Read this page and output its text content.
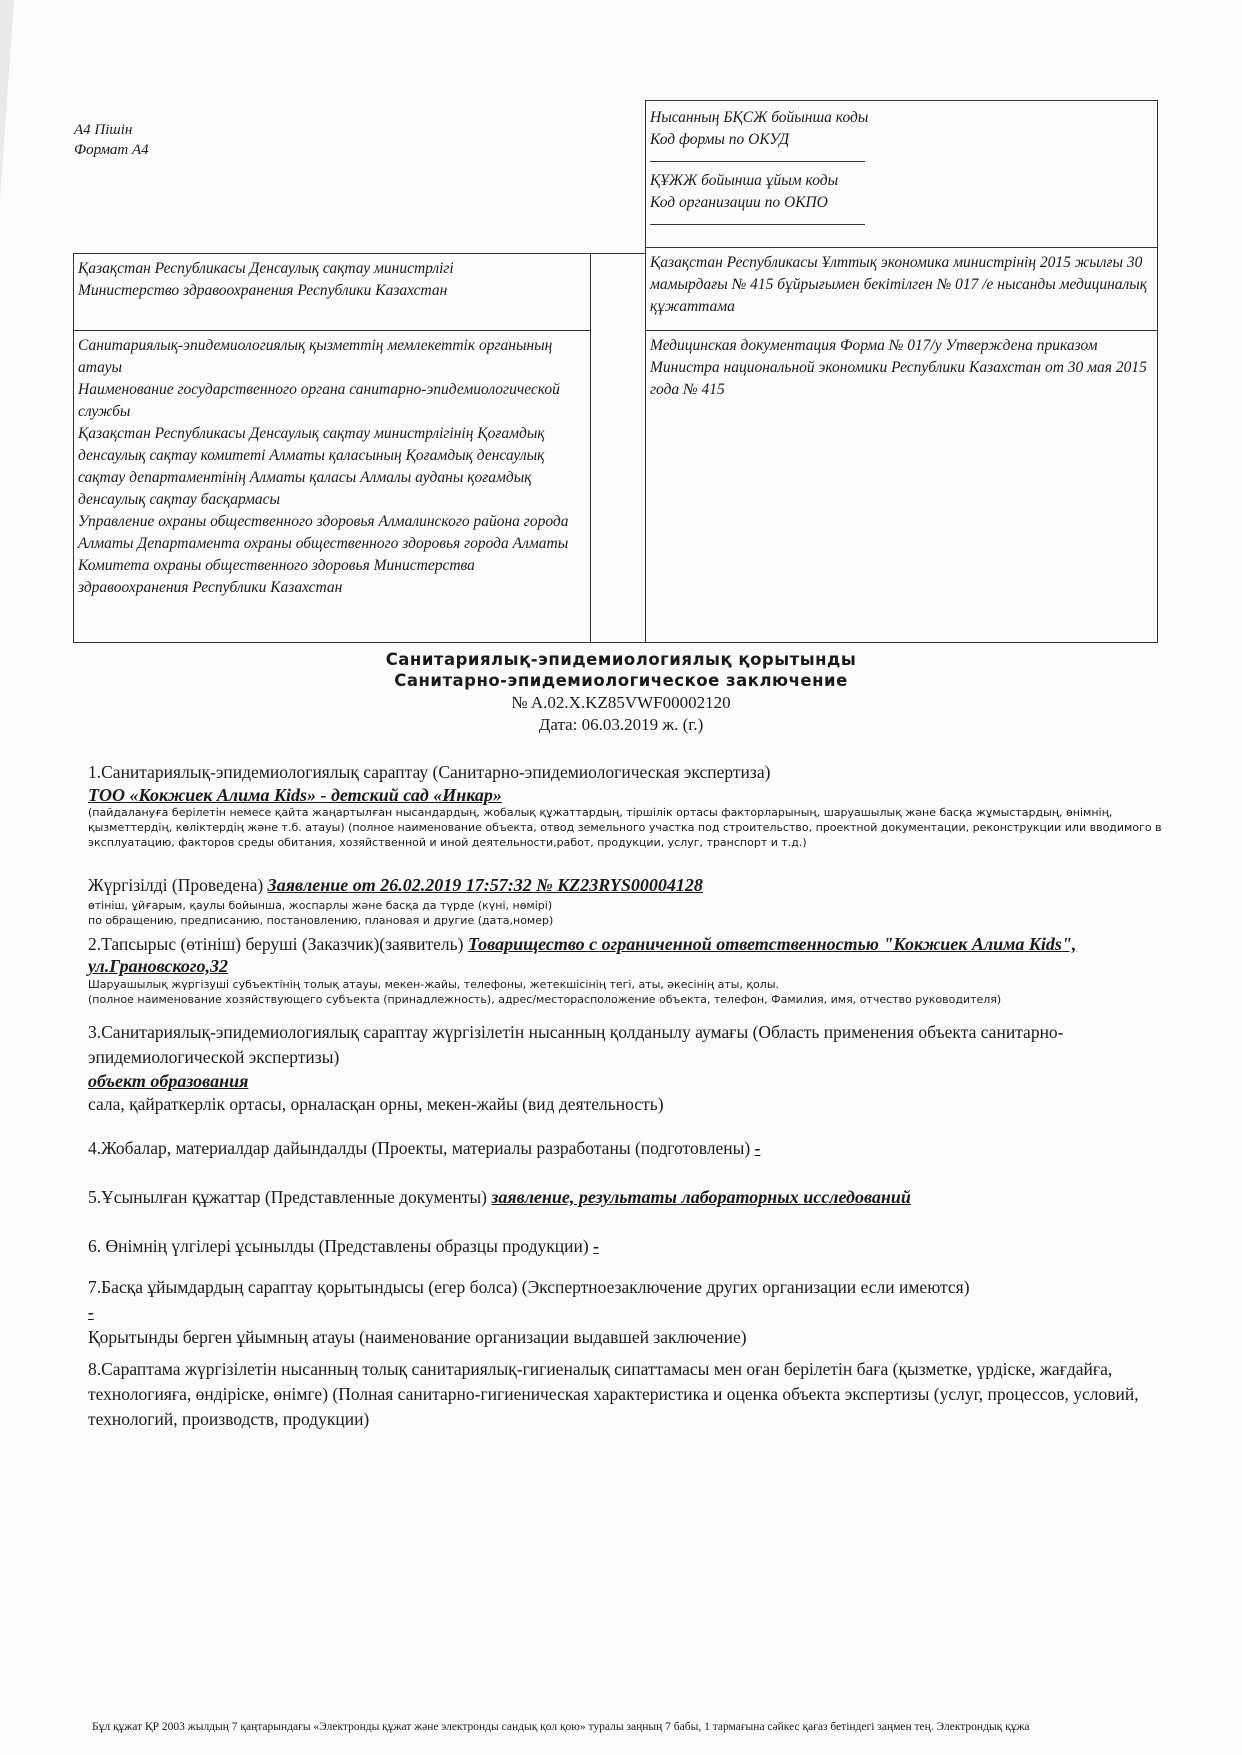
А4 Пішін
Формат А4
Нысанның БҚСЖ бойынша коды
Код формы по ОКУД
ҚҰЖЖ бойынша ұйым коды
Код организации по ОКПО
Қазақстан Республикасы Денсаулық сақтау министрлігі
Министерство здравоохранения Республики Казахстан
Қазақстан Республикасы Ұлттық экономика министрінің 2015 жылғы 30 мамырдағы № 415 бұйрығымен бекітілген № 017 /е нысанды медициналық құжаттама
Санитариялық-эпидемиологиялық қызметтің мемлекеттік органының атауы
Наименование государственного органа санитарно-эпидемиологической службы
Қазақстан Республикасы Денсаулық сақтау министрлігінің Қоғамдық денсаулық сақтау комитеті Алматы қаласының Қоғамдық денсаулық сақтау департаментінің Алматы қаласы Алмалы ауданы қоғамдық денсаулық сақтау басқармасы
Управление охраны общественного здоровья Алмалинского района города Алматы Департамента охраны общественного здоровья города Алматы Комитета охраны общественного здоровья Министерства здравоохранения Республики Казахстан
Медицинская документация Форма № 017/у Утверждена приказом Министра национальной экономики Республики Казахстан от 30 мая 2015 года № 415
Санитариялық-эпидемиологиялық қорытынды
Санитарно-эпидемиологическое заключение
№ A.02.X.KZ85VWF00002120
Дата: 06.03.2019 ж. (г.)
1.Санитариялық-эпидемиологиялық сараптау (Санитарно-эпидемиологическая экспертиза)
ТОО «Кокжиек Алима Kids» - детский сад «Инкар»
(пайдалануға берілетін немесе қайта жаңартылған нысандардың, жобалық құжаттардың, тіршілік ортасы факторларының, шаруашылық және басқа жұмыстардың, өнімнің, қызметтердің, көліктердің және т.б. атауы) (полное наименование объекта, отвод земельного участка под строительство, проектной документации, реконструкции или вводимого в эксплуатацию, факторов среды обитания, хозяйственной и иной деятельности,работ, продукции, услуг, транспорт и т.д.)
Жүргізілді (Проведена) Заявление от 26.02.2019 17:57:32 № KZ23RYS00004128
өтініш, ұйғарым, қаулы бойынша, жоспарлы және басқа да түрде (күні, нөмірі)
по обращению, предписанию, постановлению, плановая и другие (дата,номер)
2.Тапсырыс (өтініш) беруші (Заказчик)(заявитель) Товарищество с ограниченной ответственностью "Кокжиек Алима Kids", ул.Грановского,32
Шаруашылық жүргізуші субъектінің толық атауы, мекен-жайы, телефоны, жетекшісінің тегі, аты, әкесінің аты, қолы.
(полное наименование хозяйствующего субъекта (принадлежность), адрес/месторасположение объекта, телефон, Фамилия, имя, отчество руководителя)
3.Санитариялық-эпидемиологиялық сараптау жүргізілетін нысанның қолданылу аумағы (Область применения объекта санитарно-эпидемиологической экспертизы)
объект образования
сала, қайраткерлік ортасы, орналасқан орны, мекен-жайы (вид деятельность)
4.Жобалар, материалдар дайындалды (Проекты, материалы разработаны (подготовлены) -
5.Ұсынылған құжаттар (Представленные документы) заявление, результаты лабораторных исследований
6. Өнімнің үлгілері ұсынылды (Представлены образцы продукции) -
7.Басқа ұйымдардың сараптау қорытындысы (егер болса) (Экспертноезаключение других организации если имеются)
-
Қорытынды берген ұйымның атауы (наименование организации выдавшей заключение)
8.Сараптама жүргізілетін нысанның толық санитариялық-гигиеналық сипаттамасы мен оған берілетін баға (қызметке, үрдіске, жағдайға, технологияға, өндіріске, өнімге) (Полная санитарно-гигиеническая характеристика и оценка объекта экспертизы (услуг, процессов, условий, технологий, производств, продукции)
Бұл құжат ҚР 2003 жылдың 7 қаңтарындағы «Электронды құжат және электронды сандық қол қою» туралы заңның 7 бабы, 1 тармағына сәйкес қағаз бетіндегі заңмен тең. Электрондық құжа
